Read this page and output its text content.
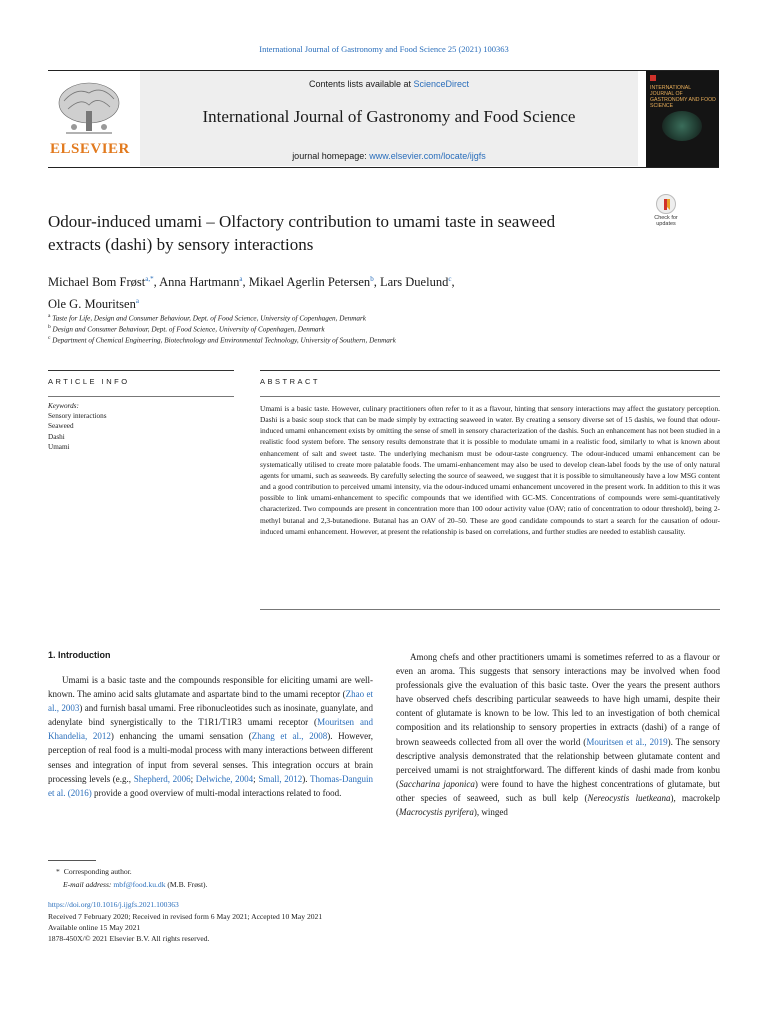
International Journal of Gastronomy and Food Science 25 (2021) 100363
ELSEVIER
Contents lists available at ScienceDirect
International Journal of Gastronomy and Food Science
journal homepage: www.elsevier.com/locate/ijgfs
INTERNATIONAL JOURNAL OF GASTRONOMY AND FOOD SCIENCE
Check for updates
Odour-induced umami – Olfactory contribution to umami taste in seaweed
extracts (dashi) by sensory interactions
Michael Bom Frøst$^{a,*}$, Anna Hartmann$^a$, Mikael Agerlin Petersen$^b$, Lars Duelund$^c$,
Ole G. Mouritsen$^a$
$^a$ Taste for Life, Design and Consumer Behaviour, Dept. of Food Science, University of Copenhagen, Denmark
$^b$ Design and Consumer Behaviour, Dept. of Food Science, University of Copenhagen, Denmark
$^c$ Department of Chemical Engineering, Biotechnology and Environmental Technology, University of Southern, Denmark
ARTICLE INFO	ABSTRACT
Keywords:
Sensory interactions
Seaweed
Dashi
Umami
Umami is a basic taste. However, culinary practitioners often refer to it as a flavour, hinting that sensory interactions may affect the gustatory perception. Dashi is a basic soup stock that can be made simply by extracting seaweed in water. By creating a sensory diverse set of 15 dashis, we found that odour-induced umami enhancement exists by omitting the sense of smell in sensory characterization of the dashis. Such an enhancement has not been studied in a realistic food system before. The sensory results demonstrate that it is possible to modulate umami in a realistic food, similarly to what is known about enhancement of salt and sweet taste. The underlying mechanism must be odour-taste congruency. The odour-induced umami enhancement can be systematically utilised to create more palatable foods. The umami-enhancement may also be used to develop clean-label foods by the use of only natural agents for umami, such as seaweeds. By carefully selecting the source of seaweed, we suggest that it is possible to simultaneously have a low MSG content and a good contribution to perceived umami intensity, via the odour-induced umami enhancement uncovered in the present work. In addition to this it was possible to link umami-enhancement to specific compounds that we identified with GC-MS. Concentrations of compounds were semi-quantitatively characterized. Two compounds are present in concentration more than 100 odour activity value (OAV; ratio of concentration to odour threshold), being 2-methyl butanal and 2,3-butanedione. Butanal has an OAV of 20–50. These are good candidate compounds to start a search for the causation of odour-induced umami enhancement. However, at present the relationship is based on correlations, and further studies are needed to establish causality.
1. Introduction

Umami is a basic taste and the compounds responsible for eliciting umami are well-known. The amino acid salts glutamate and aspartate bind to the umami receptor (Zhao et al., 2003) and furnish basal umami. Free ribonucleotides such as inosinate, guanylate, and adenylate bind synergistically to the T1R1/T1R3 umami receptor (Mouritsen and Khandelia, 2012) enhancing the umami sensation (Zhang et al., 2008). However, perception of real food is a multi-modal process with many interactions between different senses and integration of input from several senses. This integration occurs at brain processing levels (e.g., Shepherd, 2006; Delwiche, 2004; Small, 2012). Thomas-Danguin et al. (2016) provide a good overview of multi-modal interactions related to food.

Among chefs and other practitioners umami is sometimes referred to as a flavour or even an aroma. This suggests that sensory interactions may be involved when food professionals give the evaluation of this basic taste. Over the years the present authors have observed chefs describing particular seaweeds to have high umami, despite their content of glutamate is known to be low. This led to an investigation of both chemical composition and its relationship to sensory properties in extracts (dashi) of a range of brown seaweeds collected from all over the world (Mouritsen et al., 2019). The sensory descriptive analysis demonstrated that the relationship between glutamate content and perceived umami is not straightforward. The different kinds of dashi made from konbu (Saccharina japonica) were found to have the highest concentrations of glutamate, but other species of seaweed, such as bull kelp (Nereocystis luetkeana), macrokelp (Macrocystis pyrifera), winged

* Corresponding author.
E-mail address: mbf@food.ku.dk (M.B. Frøst).
https://doi.org/10.1016/j.ijgfs.2021.100363
Received 7 February 2020; Received in revised form 6 May 2021; Accepted 10 May 2021
Available online 15 May 2021
1878-450X/© 2021 Elsevier B.V. All rights reserved.
